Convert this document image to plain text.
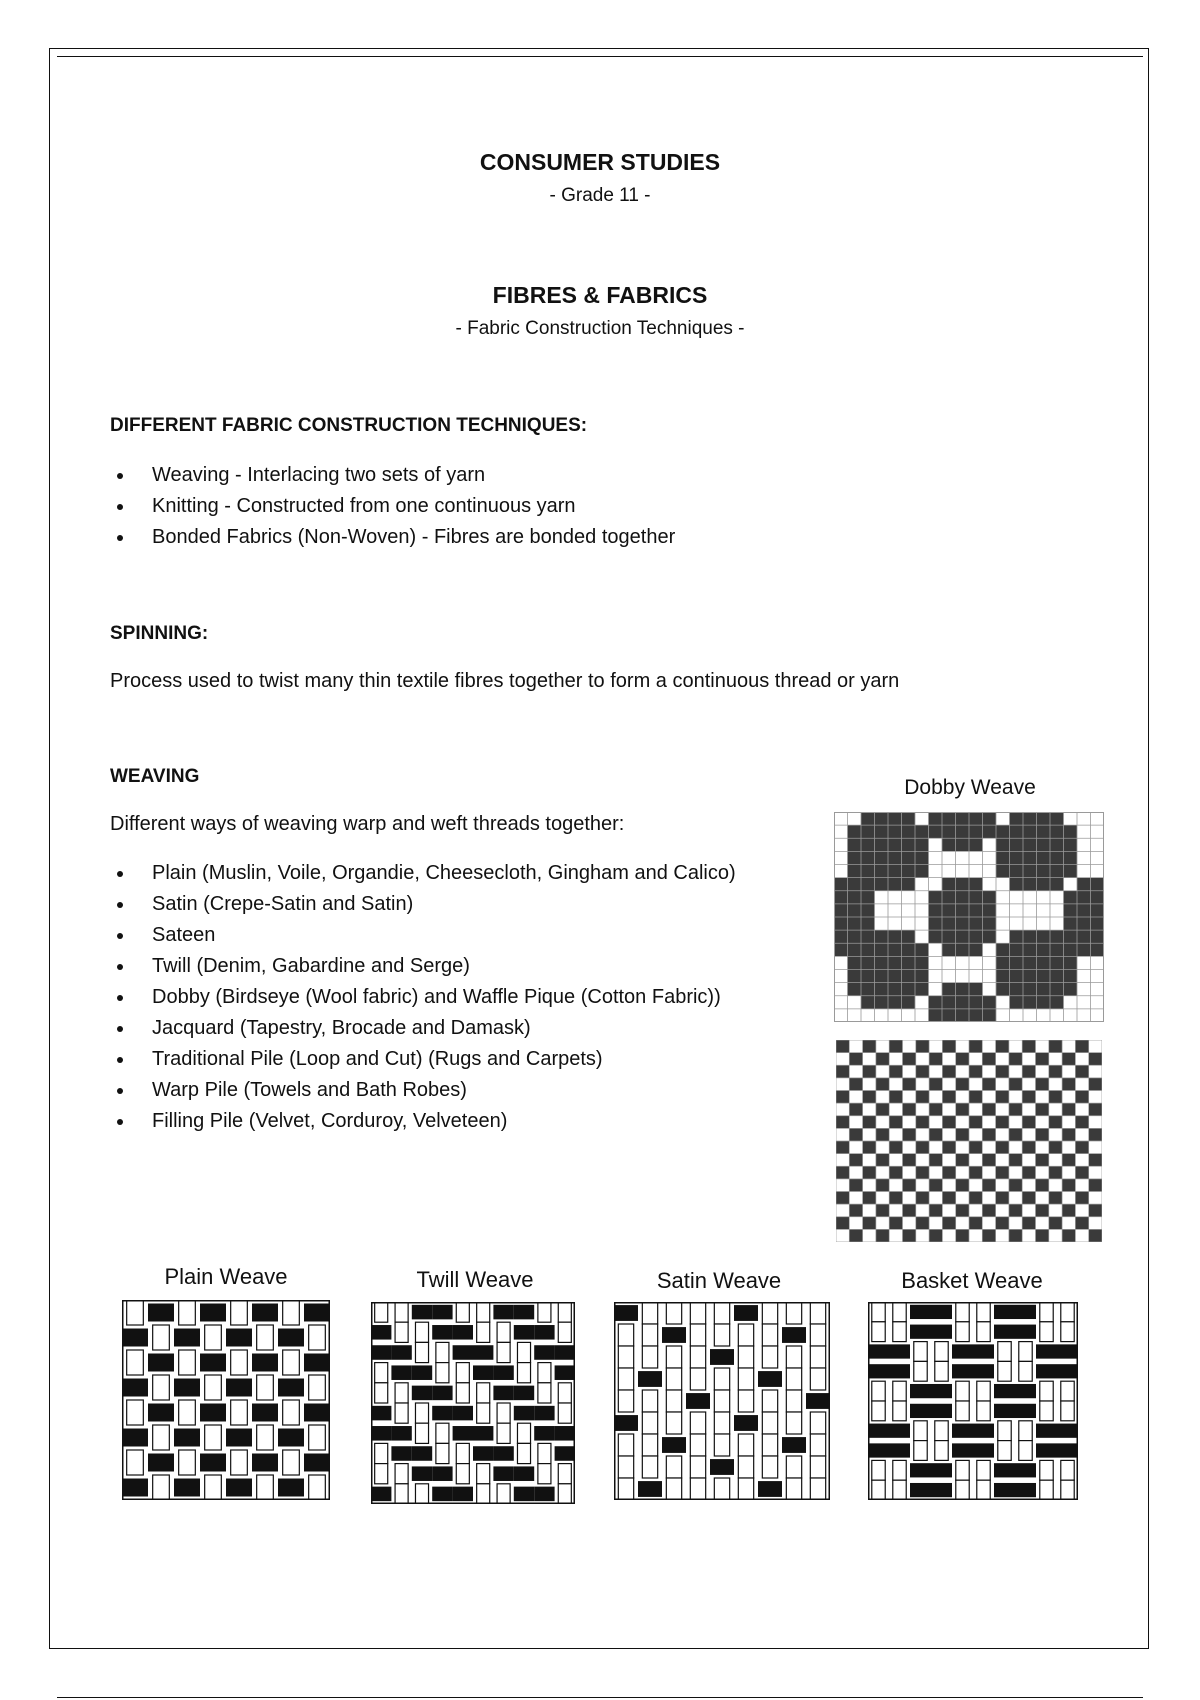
CONSUMER STUDIES
- Grade 11 -
FIBRES & FABRICS
- Fabric Construction Techniques -
DIFFERENT FABRIC CONSTRUCTION TECHNIQUES:
Weaving - Interlacing two sets of yarn
Knitting - Constructed from one continuous yarn
Bonded Fabrics (Non-Woven) - Fibres are bonded together
SPINNING:
Process used to twist many thin textile fibres together to form a continuous thread or yarn
WEAVING
Different ways of weaving warp and weft threads together:
Plain (Muslin, Voile, Organdie, Cheesecloth, Gingham and Calico)
Satin (Crepe-Satin and Satin)
Sateen
Twill (Denim, Gabardine and Serge)
Dobby (Birdseye (Wool fabric) and Waffle Pique (Cotton Fabric))
Jacquard (Tapestry, Brocade and Damask)
Traditional Pile (Loop and Cut) (Rugs and Carpets)
Warp Pile (Towels and Bath Robes)
Filling Pile (Velvet, Corduroy, Velveteen)
Dobby Weave
Plain Weave	Twill Weave	Satin Weave	Basket Weave
